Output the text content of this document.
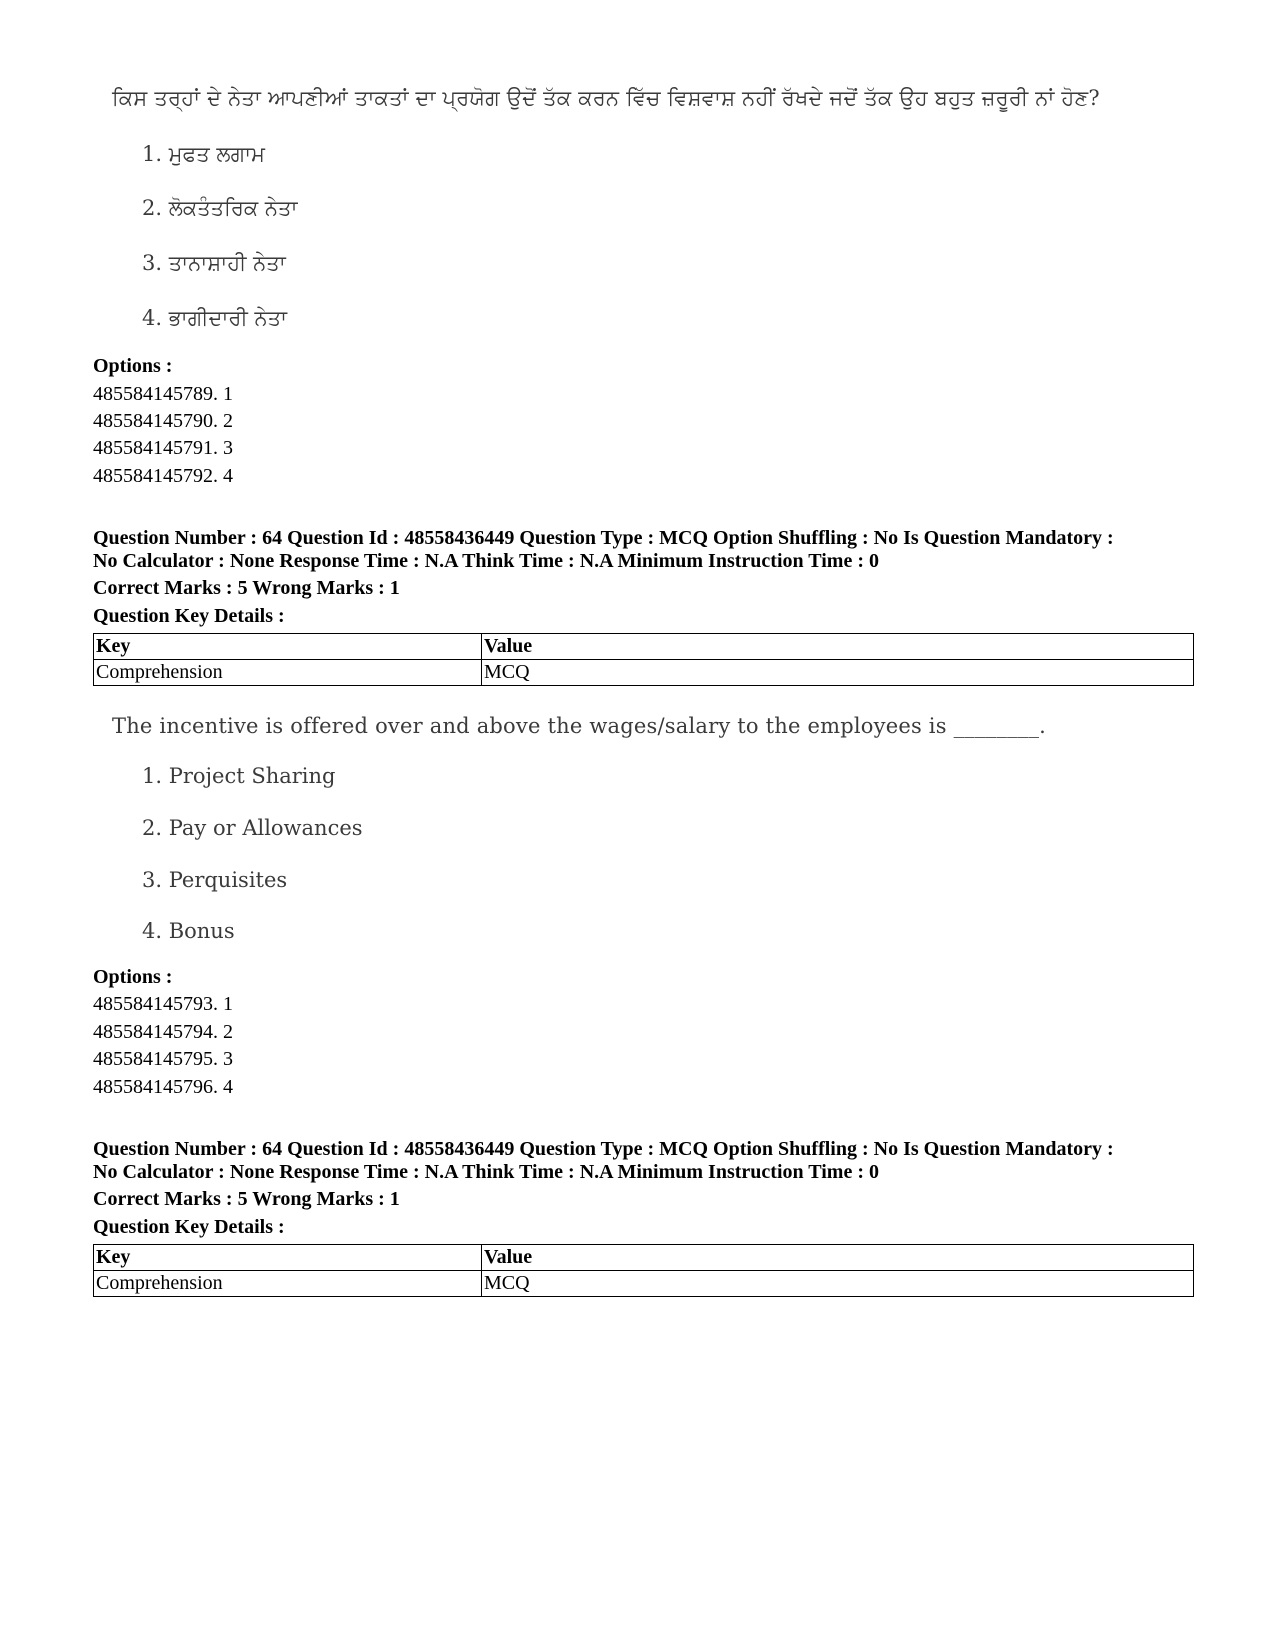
ਕਿਸ ਤਰ੍ਹਾਂ ਦੇ ਨੇਤਾ ਆਪਣੀਆਂ ਤਾਕਤਾਂ ਦਾ ਪ੍ਰਯੋਗ ਉਦੋਂ ਤੱਕ ਕਰਨ ਵਿੱਚ ਵਿਸ਼ਵਾਸ਼ ਨਹੀਂ ਰੱਖਦੇ ਜਦੋਂ ਤੱਕ ਉਹ ਬਹੁਤ ਜ਼ਰੂਰੀ ਨਾਂ ਹੋਣ?
1. ਮੁਫਤ ਲਗਾਮ
2. ਲੋਕਤੰਤਰਿਕ ਨੇਤਾ
3. ਤਾਨਾਸ਼ਾਹੀ ਨੇਤਾ
4. ਭਾਗੀਦਾਰੀ ਨੇਤਾ
Options :
485584145789. 1
485584145790. 2
485584145791. 3
485584145792. 4
Question Number : 64 Question Id : 48558436449 Question Type : MCQ Option Shuffling : No Is Question Mandatory :
No Calculator : None Response Time : N.A Think Time : N.A Minimum Instruction Time : 0
Correct Marks : 5 Wrong Marks : 1
Question Key Details :
Key	Value
Comprehension	MCQ
The incentive is offered over and above the wages/salary to the employees is ________.
1. Project Sharing
2. Pay or Allowances
3. Perquisites
4. Bonus
Options :
485584145793. 1
485584145794. 2
485584145795. 3
485584145796. 4
Question Number : 64 Question Id : 48558436449 Question Type : MCQ Option Shuffling : No Is Question Mandatory :
No Calculator : None Response Time : N.A Think Time : N.A Minimum Instruction Time : 0
Correct Marks : 5 Wrong Marks : 1
Question Key Details :
Key	Value
Comprehension	MCQ
